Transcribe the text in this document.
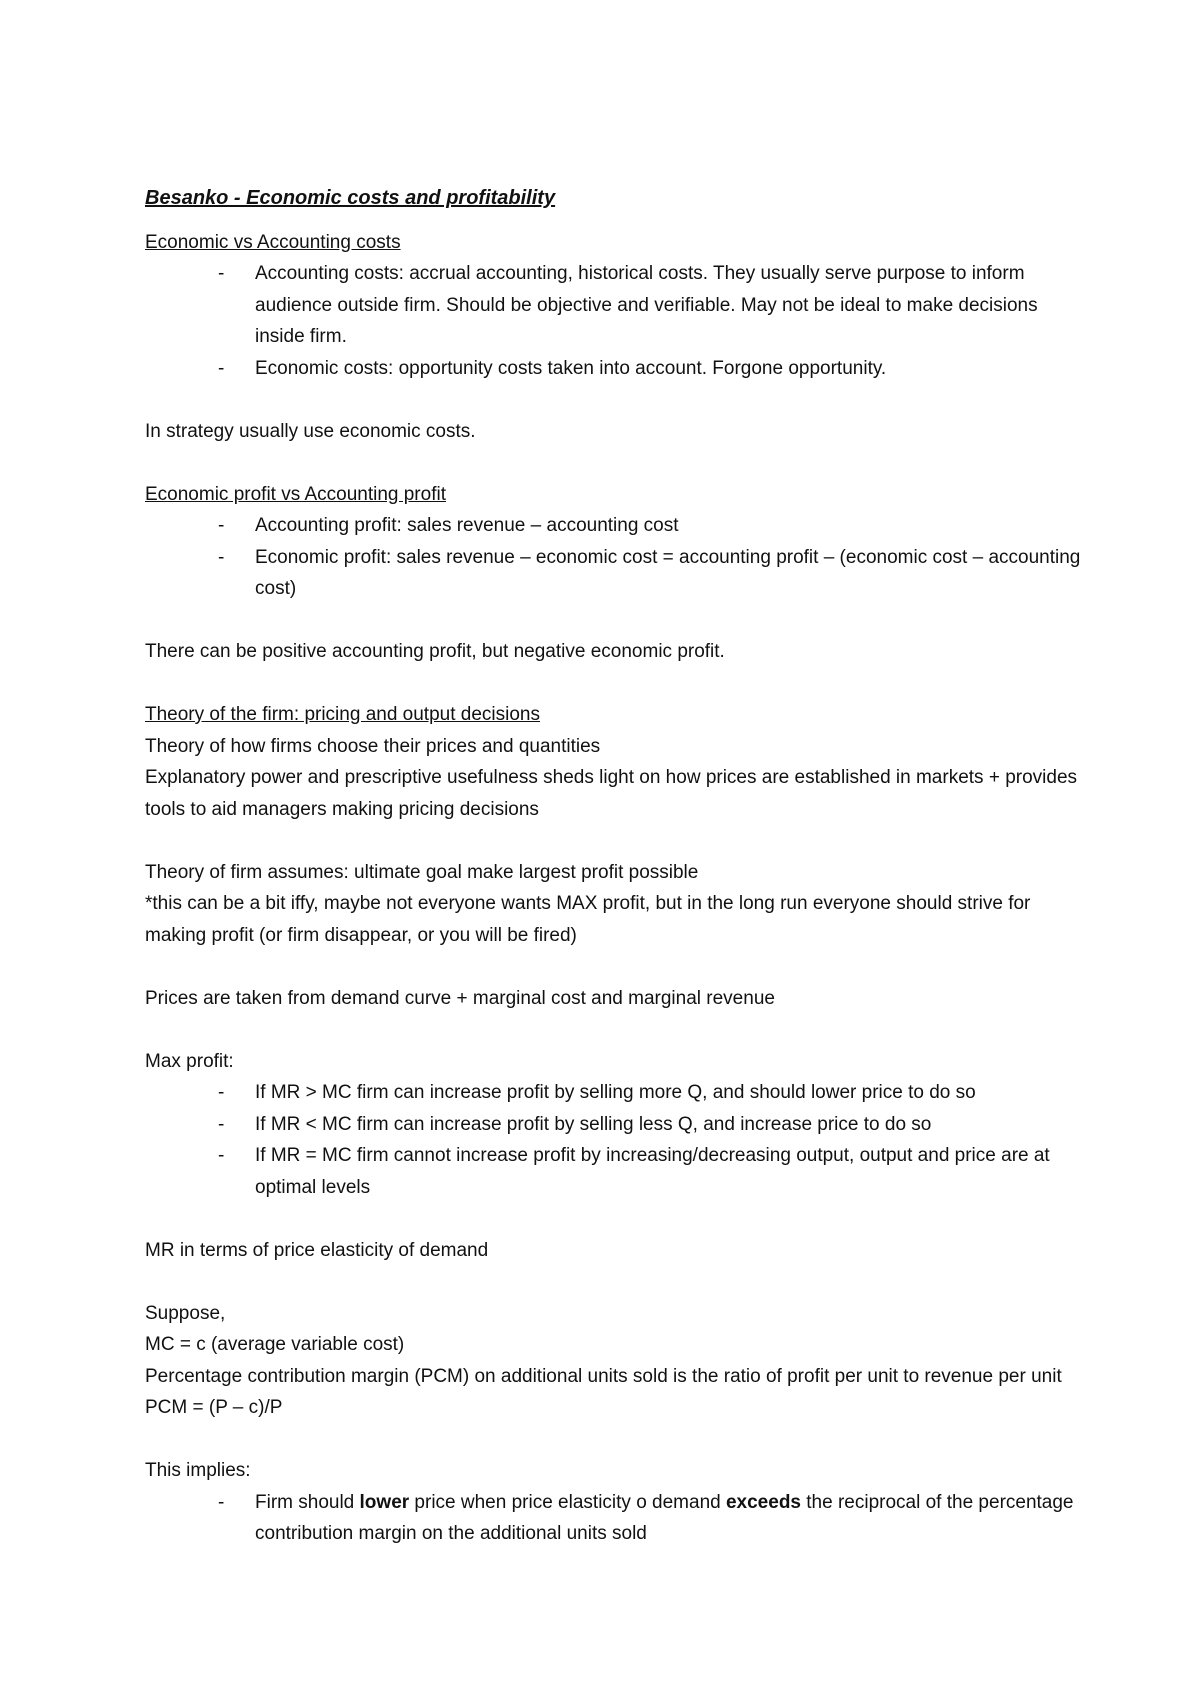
Besanko - Economic costs and profitability

Economic vs Accounting costs

- Accounting costs: accrual accounting, historical costs. They usually serve purpose to inform audience outside firm. Should be objective and verifiable. May not be ideal to make decisions inside firm.
- Economic costs: opportunity costs taken into account. Forgone opportunity.

In strategy usually use economic costs.

Economic profit vs Accounting profit

- Accounting profit: sales revenue – accounting cost
- Economic profit: sales revenue – economic cost = accounting profit – (economic cost – accounting cost)

There can be positive accounting profit, but negative economic profit.

Theory of the firm: pricing and output decisions

Theory of how firms choose their prices and quantities

Explanatory power and prescriptive usefulness sheds light on how prices are established in markets + provides tools to aid managers making pricing decisions

Theory of firm assumes: ultimate goal make largest profit possible

*this can be a bit iffy, maybe not everyone wants MAX profit, but in the long run everyone should strive for making profit (or firm disappear, or you will be fired)

Prices are taken from demand curve + marginal cost and marginal revenue

Max profit:

- If MR > MC firm can increase profit by selling more Q, and should lower price to do so
- If MR < MC firm can increase profit by selling less Q, and increase price to do so
- If MR = MC firm cannot increase profit by increasing/decreasing output, output and price are at optimal levels

MR in terms of price elasticity of demand

Suppose,

MC = c (average variable cost)

Percentage contribution margin (PCM) on additional units sold is the ratio of profit per unit to revenue per unit PCM = (P – c)/P

This implies:

- Firm should lower price when price elasticity o demand exceeds the reciprocal of the percentage contribution margin on the additional units sold
